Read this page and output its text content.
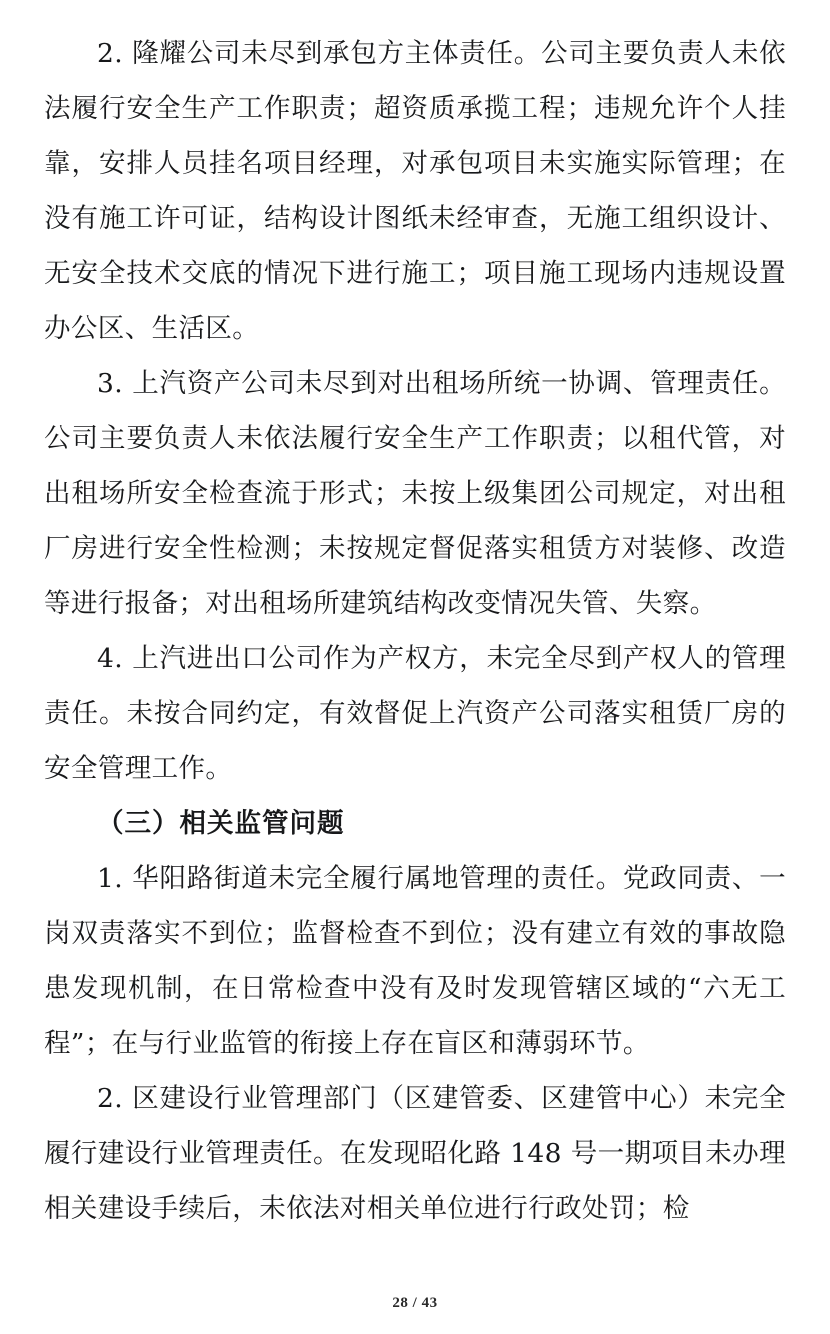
2. 隆耀公司未尽到承包方主体责任。公司主要负责人未依法履行安全生产工作职责；超资质承揽工程；违规允许个人挂靠，安排人员挂名项目经理，对承包项目未实施实际管理；在没有施工许可证，结构设计图纸未经审查，无施工组织设计、无安全技术交底的情况下进行施工；项目施工现场内违规设置办公区、生活区。

3. 上汽资产公司未尽到对出租场所统一协调、管理责任。公司主要负责人未依法履行安全生产工作职责；以租代管，对出租场所安全检查流于形式；未按上级集团公司规定，对出租厂房进行安全性检测；未按规定督促落实租赁方对装修、改造等进行报备；对出租场所建筑结构改变情况失管、失察。

4. 上汽进出口公司作为产权方，未完全尽到产权人的管理责任。未按合同约定，有效督促上汽资产公司落实租赁厂房的安全管理工作。

（三）相关监管问题

1. 华阳路街道未完全履行属地管理的责任。党政同责、一岗双责落实不到位；监督检查不到位；没有建立有效的事故隐患发现机制，在日常检查中没有及时发现管辖区域的“六无工程”；在与行业监管的衔接上存在盲区和薄弱环节。

2. 区建设行业管理部门（区建管委、区建管中心）未完全履行建设行业管理责任。在发现昭化路 148 号一期项目未办理相关建设手续后，未依法对相关单位进行行政处罚；检

28 / 43
